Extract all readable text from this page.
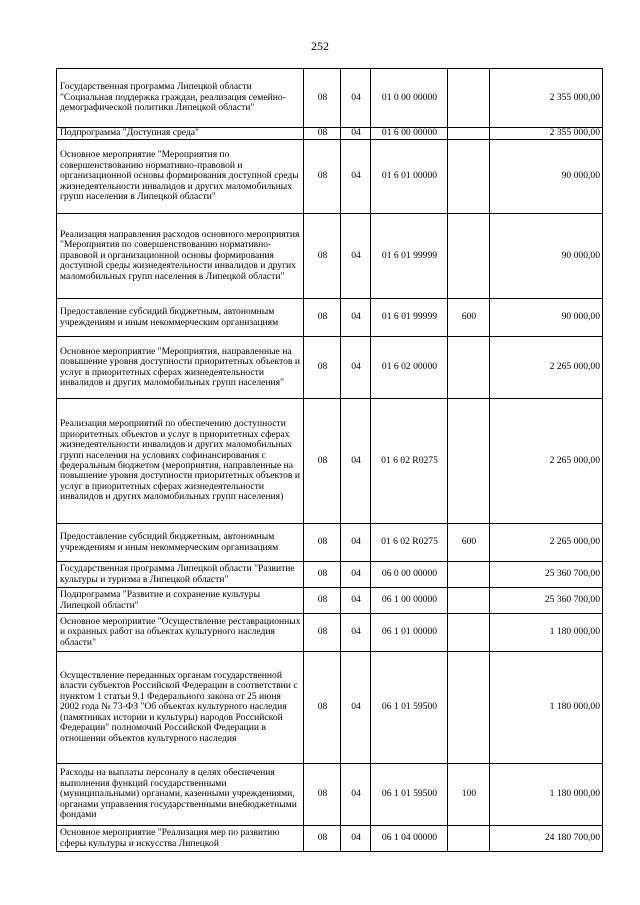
252
Государственная программа Липецкой области "Социальная поддержка граждан, реализация семейно-демографической политики Липецкой области"	08	04	01 0 00 00000		2 355 000,00
Подпрограмма "Доступная среда"	08	04	01 6 00 00000		2 355 000,00
Основное мероприятие "Мероприятия по совершенствованию нормативно-правовой и организационной основы формирования доступной среды жизнедеятельности инвалидов и других маломобильных групп населения в Липецкой области"	08	04	01 6 01 00000		90 000,00
Реализация направления расходов основного мероприятия "Мероприятия по совершенствованию нормативно-правовой и организационной основы формирования доступной среды жизнедеятельности инвалидов и других маломобильных групп населения в Липецкой области"	08	04	01 6 01 99999		90 000,00
Предоставление субсидий бюджетным, автономным учреждениям и иным некоммерческим организациям	08	04	01 6 01 99999	600	90 000,00
Основное мероприятие "Мероприятия, направленные на повышение уровня доступности приоритетных объектов и услуг в приоритетных сферах жизнедеятельности инвалидов и других маломобильных групп населения"	08	04	01 6 02 00000		2 265 000,00
Реализация мероприятий по обеспечению доступности приоритетных объектов и услуг в приоритетных сферах жизнедеятельности инвалидов и других маломобильных групп населения на условиях софинансирования с федеральным бюджетом (мероприятия, направленные на повышение уровня доступности приоритетных объектов и услуг в приоритетных сферах жизнедеятельности инвалидов и других маломобильных групп населения)	08	04	01 6 02 R0275		2 265 000,00
Предоставление субсидий бюджетным, автономным учреждениям и иным некоммерческим организациям	08	04	01 6 02 R0275	600	2 265 000,00
Государственная программа Липецкой области "Развитие культуры и туризма в Липецкой области"	08	04	06 0 00 00000		25 360 700,00
Подпрограмма "Развитие и сохранение культуры Липецкой области"	08	04	06 1 00 00000		25 360 700,00
Основное мероприятие "Осуществление реставрационных и охранных работ на объектах культурного наследия области"	08	04	06 1 01 00000		1 180 000,00
Осуществление переданных органам государственной власти субъектов Российской Федерации в соответствии с пунктом 1 статьи 9.1 Федерального закона от 25 июня 2002 года № 73-ФЗ "Об объектах культурного наследия (памятниках истории и культуры) народов Российской Федерации" полномочий Российской Федерации в отношении объектов культурного наследия	08	04	06 1 01 59500		1 180 000,00
Расходы на выплаты персоналу в целях обеспечения выполнения функций государственными (муниципальными) органами, казенными учреждениями, органами управления государственными внебюджетными фондами	08	04	06 1 01 59500	100	1 180 000,00
Основное мероприятие "Реализация мер по развитию сферы культуры и искусства Липецкой	08	04	06 1 04 00000		24 180 700,00
